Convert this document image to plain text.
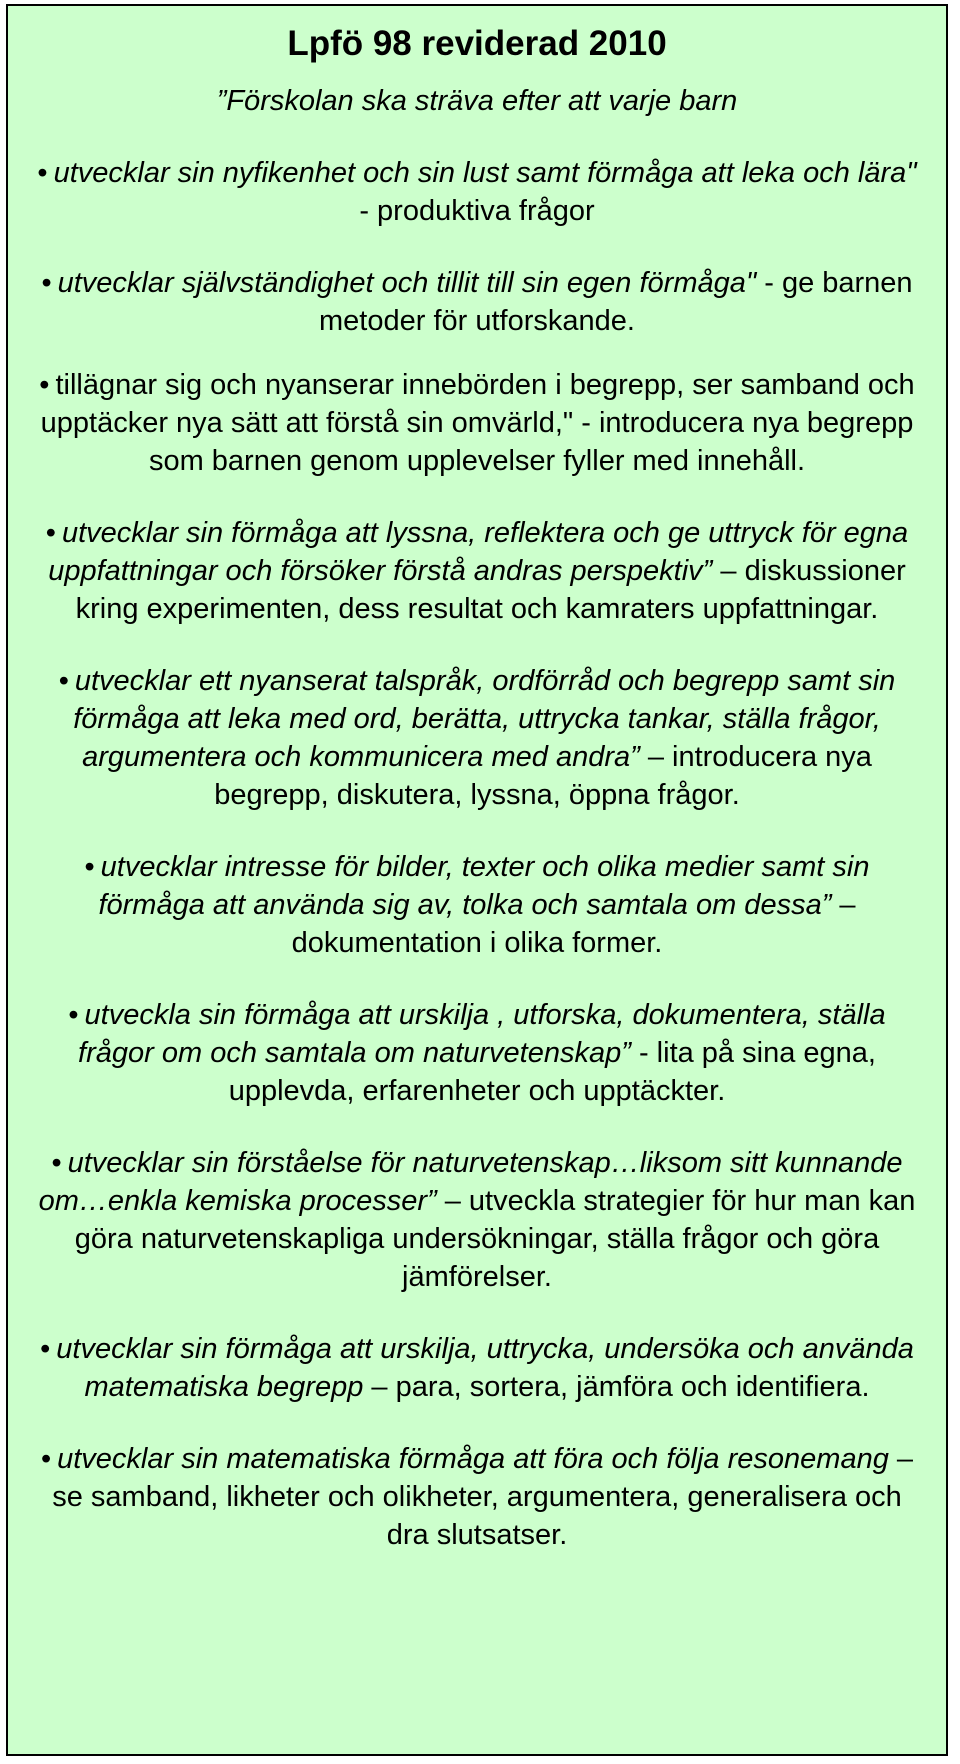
Lpfö 98 reviderad 2010

”Förskolan ska sträva efter att varje barn

• utvecklar sin nyfikenhet och sin lust samt förmåga att leka och lära" - produktiva frågor
• utvecklar självständighet och tillit till sin egen förmåga" - ge barnen metoder för utforskande.
• tillägnar sig och nyanserar innebörden i begrepp, ser samband och upptäcker nya sätt att förstå sin omvärld," - introducera nya begrepp som barnen genom upplevelser fyller med innehåll.
• utvecklar sin förmåga att lyssna, reflektera och ge uttryck för egna uppfattningar och försöker förstå andras perspektiv” – diskussioner kring experimenten, dess resultat och kamraters uppfattningar.
• utvecklar ett nyanserat talspråk, ordförråd och begrepp samt sin förmåga att leka med ord, berätta, uttrycka tankar, ställa frågor, argumentera och kommunicera med andra” – introducera nya begrepp, diskutera, lyssna, öppna frågor.
• utvecklar intresse för bilder, texter och olika medier samt sin förmåga att använda sig av, tolka och samtala om dessa” – dokumentation i olika former.
• utveckla sin förmåga att urskilja , utforska, dokumentera, ställa frågor om och samtala om naturvetenskap” - lita på sina egna, upplevda, erfarenheter och upptäckter.
• utvecklar sin förståelse för naturvetenskap…liksom sitt kunnande om…enkla kemiska processer” – utveckla strategier för hur man kan göra naturvetenskapliga undersökningar, ställa frågor och göra jämförelser.
• utvecklar sin förmåga att urskilja, uttrycka, undersöka och använda matematiska begrepp – para, sortera, jämföra och identifiera.
• utvecklar sin matematiska förmåga att föra och följa resonemang – se samband, likheter och olikheter, argumentera, generalisera och dra slutsatser.
